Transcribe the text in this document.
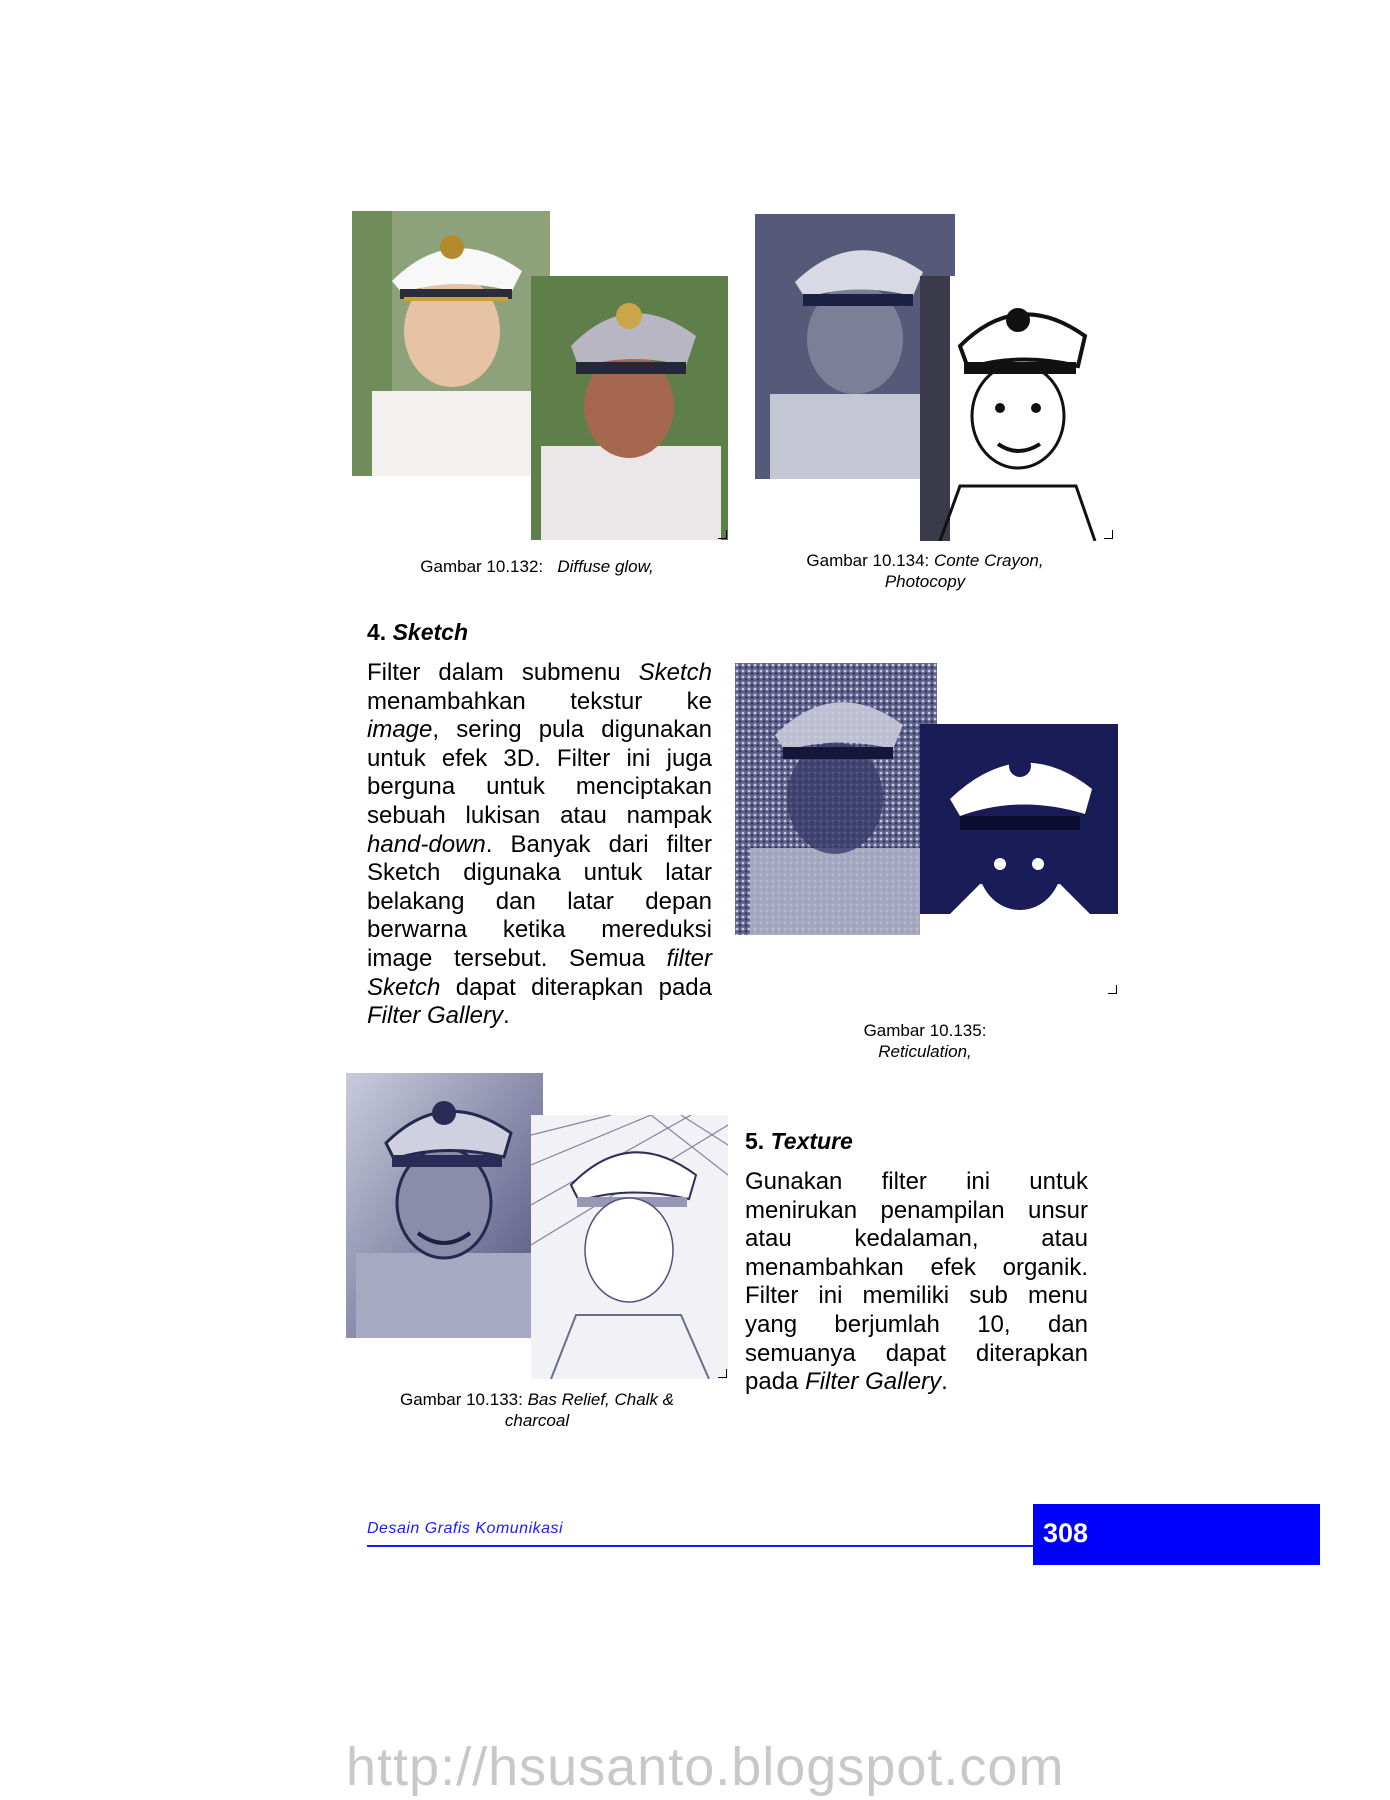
Gambar 10.132: Diffuse glow,	Gambar 10.134: Conte Crayon,
Photocopy
4. Sketch
Filter dalam submenu Sketch menambahkan tekstur ke image, sering pula digunakan untuk efek 3D. Filter ini juga berguna untuk menciptakan sebuah lukisan atau nampak hand-down. Banyak dari filter Sketch digunaka untuk latar belakang dan latar depan berwarna ketika mereduksi image tersebut. Semua filter Sketch dapat diterapkan pada Filter Gallery.
Gambar 10.135:
Reticulation,
Gambar 10.133: Bas Relief, Chalk &
charcoal
5. Texture
Gunakan filter ini untuk menirukan penampilan unsur atau kedalaman, atau menambahkan efek organik. Filter ini memiliki sub menu yang berjumlah 10, dan semuanya dapat diterapkan pada Filter Gallery.
Desain Grafis Komunikasi	308
http://hsusanto.blogspot.com
